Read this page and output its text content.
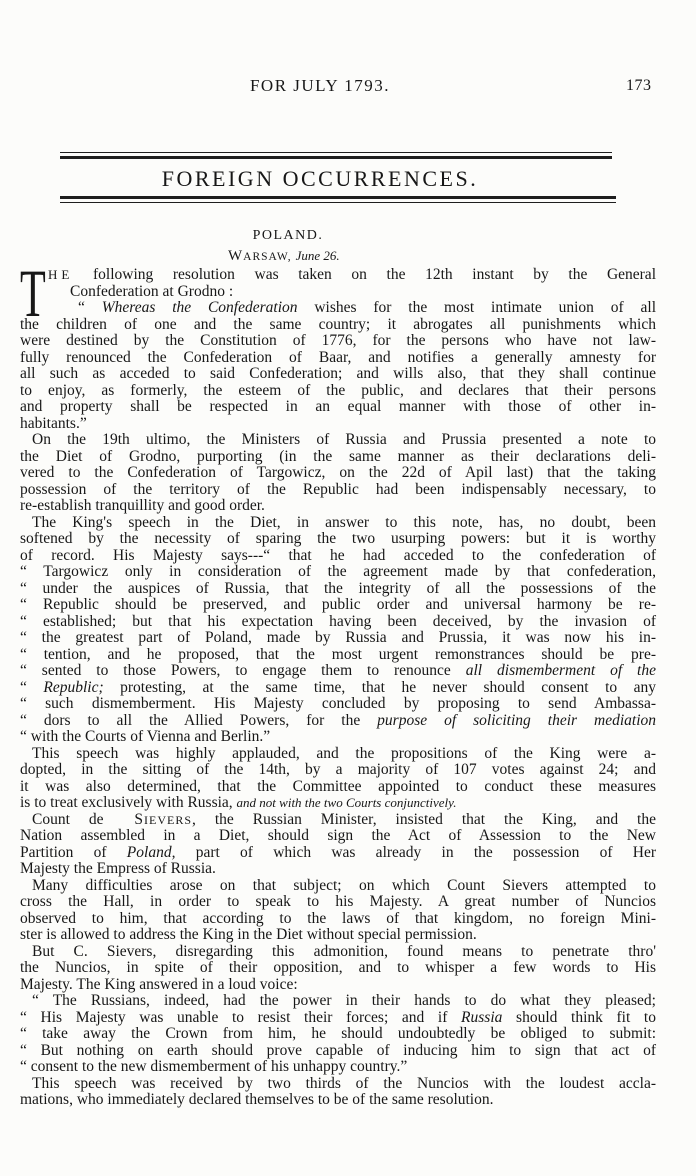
FOR JULY 1793.	173
FOREIGN OCCURRENCES.
POLAND.
WARSAW, June 26.
T HE following resolution was taken on the 12th instant by the General
Confederation at Grodno :
“ Whereas the Confederation wishes for the most intimate union of all
the children of one and the same country; it abrogates all punishments which
were destined by the Constitution of 1776, for the persons who have not law-
fully renounced the Confederation of Baar, and notifies a generally amnesty for
all such as acceded to said Confederation; and wills also, that they shall continue
to enjoy, as formerly, the esteem of the public, and declares that their persons
and property shall be respected in an equal manner with those of other in-
habitants.”
On the 19th ultimo, the Ministers of Russia and Prussia presented a note to
the Diet of Grodno, purporting (in the same manner as their declarations deli-
vered to the Confederation of Targowicz, on the 22d of Apil last) that the taking
possession of the territory of the Republic had been indispensably necessary, to
re-establish tranquillity and good order.
The King's speech in the Diet, in answer to this note, has, no doubt, been
softened by the necessity of sparing the two usurping powers: but it is worthy
of record. His Majesty says---“ that he had acceded to the confederation of
“ Targowicz only in consideration of the agreement made by that confederation,
“ under the auspices of Russia, that the integrity of all the possessions of the
“ Republic should be preserved, and public order and universal harmony be re-
“ established; but that his expectation having been deceived, by the invasion of
“ the greatest part of Poland, made by Russia and Prussia, it was now his in-
“ tention, and he proposed, that the most urgent remonstrances should be pre-
“ sented to those Powers, to engage them to renounce all dismemberment of the
“ Republic; protesting, at the same time, that he never should consent to any
“ such dismemberment. His Majesty concluded by proposing to send Ambassa-
“ dors to all the Allied Powers, for the purpose of soliciting their mediation
“ with the Courts of Vienna and Berlin.”
This speech was highly applauded, and the propositions of the King were a-
dopted, in the sitting of the 14th, by a majority of 107 votes against 24; and
it was also determined, that the Committee appointed to conduct these measures
is to treat exclusively with Russia, and not with the two Courts conjunctively.
Count de SIEVERS, the Russian Minister, insisted that the King, and the
Nation assembled in a Diet, should sign the Act of Assession to the New
Partition of Poland, part of which was already in the possession of Her
Majesty the Empress of Russia.
Many difficulties arose on that subject; on which Count Sievers attempted to
cross the Hall, in order to speak to his Majesty. A great number of Nuncios
observed to him, that according to the laws of that kingdom, no foreign Mini-
ster is allowed to address the King in the Diet without special permission.
But C. Sievers, disregarding this admonition, found means to penetrate thro'
the Nuncios, in spite of their opposition, and to whisper a few words to His
Majesty. The King answered in a loud voice:
“ The Russians, indeed, had the power in their hands to do what they pleased;
“ His Majesty was unable to resist their forces; and if Russia should think fit to
“ take away the Crown from him, he should undoubtedly be obliged to submit:
“ But nothing on earth should prove capable of inducing him to sign that act of
“ consent to the new dismemberment of his unhappy country.”
This speech was received by two thirds of the Nuncios with the loudest accla-
mations, who immediately declared themselves to be of the same resolution.
